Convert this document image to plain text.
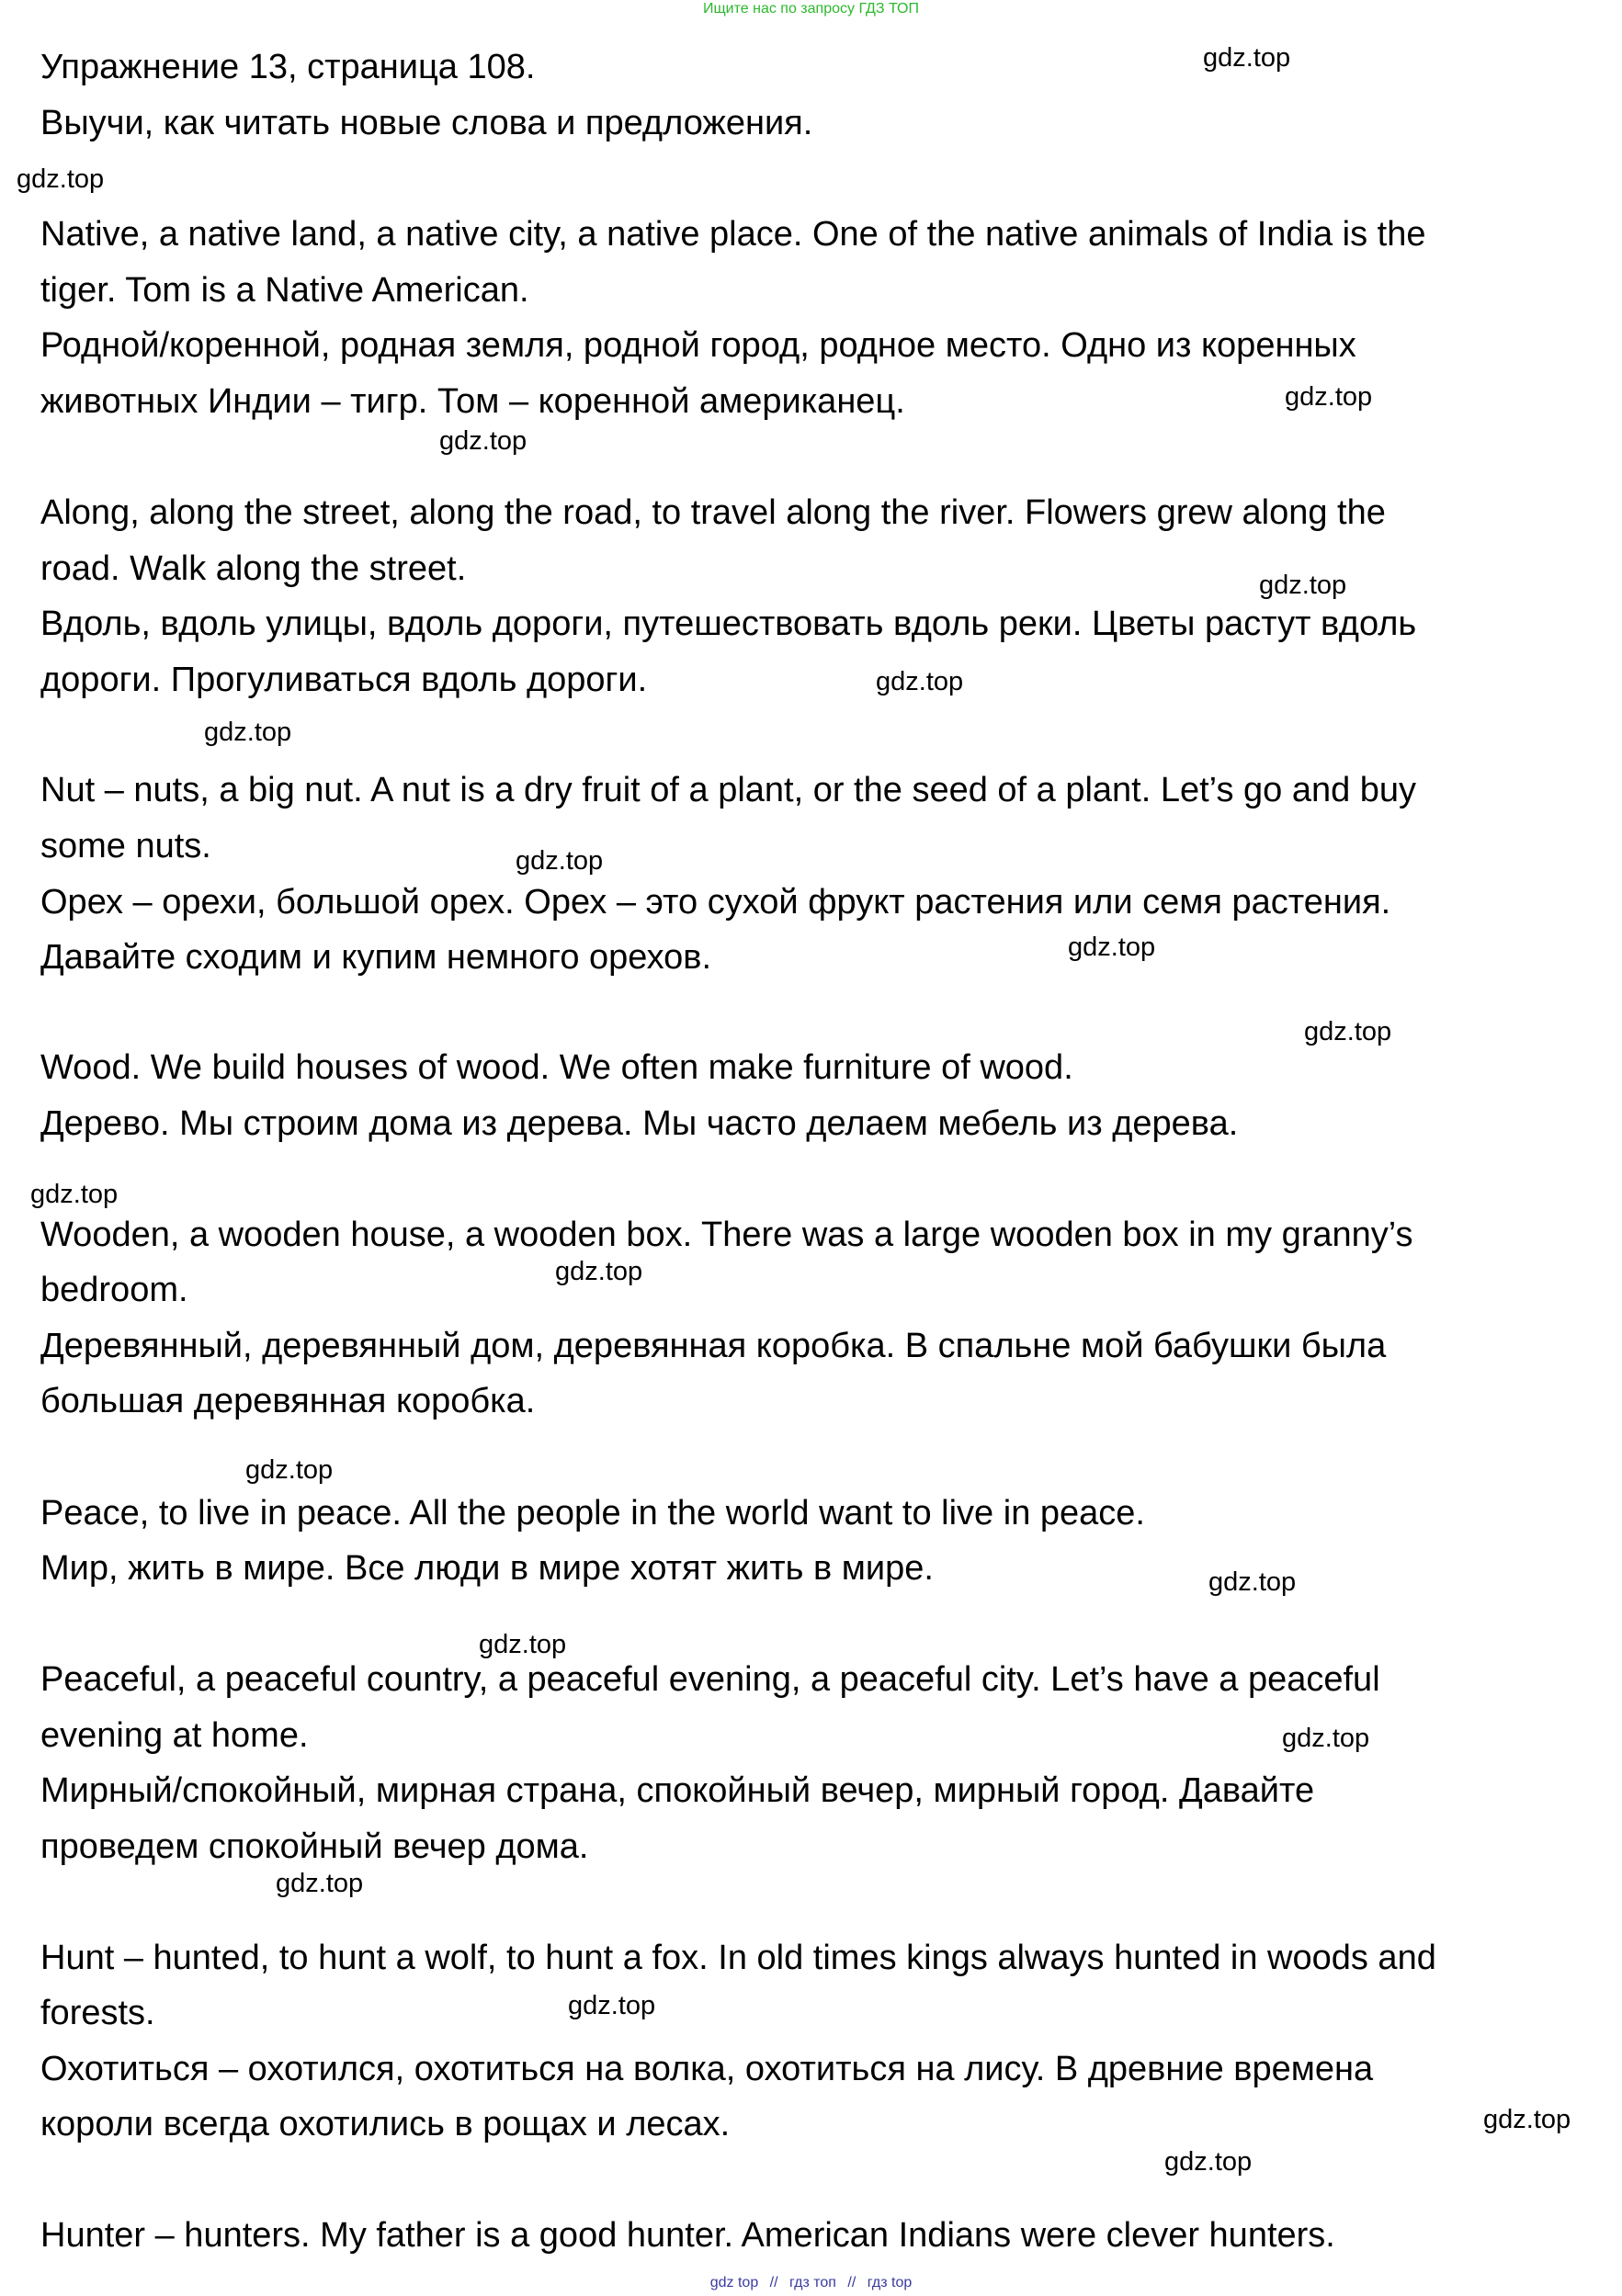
Ищите нас по запросу ГДЗ ТОП
Упражнение 13, страница 108.
Выучи, как читать новые слова и предложения.
Native, a native land, a native city, a native place. One of the native animals of India is the
tiger. Tom is a Native American.
Родной/коренной, родная земля, родной город, родное место. Одно из коренных
животных Индии – тигр. Том – коренной американец.
Along, along the street, along the road, to travel along the river. Flowers grew along the
road. Walk along the street.
Вдоль, вдоль улицы, вдоль дороги, путешествовать вдоль реки. Цветы растут вдоль
дороги. Прогуливаться вдоль дороги.
Nut – nuts, a big nut. A nut is a dry fruit of a plant, or the seed of a plant. Let’s go and buy
some nuts.
Орех – орехи, большой орех. Орех – это сухой фрукт растения или семя растения.
Давайте сходим и купим немного орехов.
Wood. We build houses of wood. We often make furniture of wood.
Дерево. Мы строим дома из дерева. Мы часто делаем мебель из дерева.
Wooden, a wooden house, a wooden box. There was a large wooden box in my granny’s
bedroom.
Деревянный, деревянный дом, деревянная коробка. В спальне мой бабушки была
большая деревянная коробка.
Peace, to live in peace. All the people in the world want to live in peace.
Мир, жить в мире. Все люди в мире хотят жить в мире.
Peaceful, a peaceful country, a peaceful evening, a peaceful city. Let’s have a peaceful
evening at home.
Мирный/спокойный, мирная страна, спокойный вечер, мирный город. Давайте
проведем спокойный вечер дома.
Hunt – hunted, to hunt a wolf, to hunt a fox. In old times kings always hunted in woods and
forests.
Охотиться – охотился, охотиться на волка, охотиться на лису. В древние времена
короли всегда охотились в рощах и лесах.
Hunter – hunters. My father is a good hunter. American Indians were clever hunters.
gdz.top
gdz.top
gdz.top
gdz.top
gdz.top
gdz.top
gdz.top
gdz.top
gdz.top
gdz.top
gdz.top
gdz.top
gdz.top
gdz.top
gdz.top
gdz.top
gdz.top
gdz.top
gdz.top
gdz.top
gdz top // гдз топ // гдз top
